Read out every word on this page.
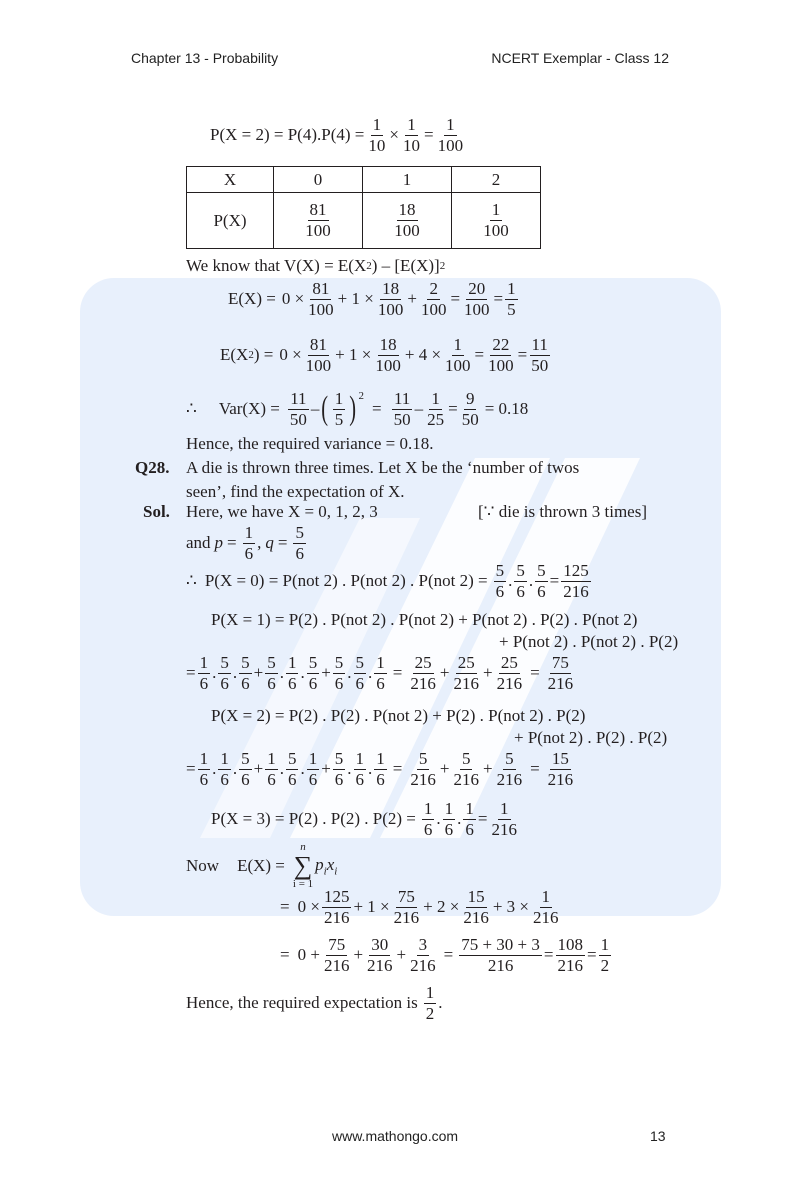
Chapter 13 - Probability	NCERT Exemplar - Class 12
$P(X = 2) = P(4).P(4) = \frac{1}{10} \times \frac{1}{10} = \frac{1}{100}$
X	0	1	2
P(X)	$\frac{81}{100}$	$\frac{18}{100}$	$\frac{1}{100}$
We know that V(X) = E(X 2 ) – [E(X)] 2
$E(X) = 0 \times \frac{81}{100} + 1 \times \frac{18}{100} + \frac{2}{100} = \frac{20}{100} = \frac{1}{5}$
E(X 2 ) = $0 \times \frac{81}{100} + 1 \times \frac{18}{100} + 4 \times \frac{1}{100} = \frac{22}{100} = \frac{11}{50}$
∴ $Var(X) = \frac{11}{50}$ – ( $\frac{1}{5} )^2$
= $\frac{11}{50} - \frac{1}{25} = \frac{9}{50} = 0.18$
Hence, the required variance = 0.18.
Q28. A die is thrown three times. Let X be the ‘number of twos
seen’, find the expectation of X.
Sol. Here, we have X = 0, 1, 2, 3	[∵ die is thrown 3 times]
and $p = \frac{1}{6}$ , $q = \frac{5}{6}$
∴ P(X = 0) = P(not 2) . P(not 2) . P(not $2) = \frac{5}{6}$ . $\frac{5}{6}$ . $\frac{5}{6} = \frac{125}{216}$
P(X = 1) = P(2) . P(not 2) . P(not 2) + P(not 2) . P(2) . P(not 2)
+ P(not 2) . P(not 2) . P(2)
= $\frac{1}{6}$ . $\frac{5}{6}$ . $\frac{5}{6} + \frac{5}{6}$ . $\frac{1}{6}$ . $\frac{5}{6} + \frac{5}{6}$ . $\frac{5}{6}$ . $\frac{1}{6} = \frac{25}{216} + \frac{25}{216} + \frac{25}{216} = \frac{75}{216}$
P(X = 2) = P(2) . P(2) . P(not 2) + P(2) . P(not 2) . P(2)
+ P(not 2) . P(2) . P(2)
= $\frac{1}{6}$ . $\frac{1}{6}$ . $\frac{5}{6} + \frac{1}{6}$ . $\frac{5}{6}$ . $\frac{1}{6} + \frac{5}{6}$ . $\frac{1}{6}$ . $\frac{1}{6} = \frac{5}{216} + \frac{5}{216} + \frac{5}{216} = \frac{15}{216}$
P(X = 3) = P(2) . P(2) . $P(2) = \frac{1}{6}$ . $\frac{1}{6}$ . $\frac{1}{6} = \frac{1}{216}$
Now E(X) =
n
∑
i = 1
$p_ix_i$
= $0 \times \frac{125}{216} + 1 \times \frac{75}{216} + 2 \times \frac{15}{216} + 3 \times \frac{1}{216}$
= $0 + \frac{75}{216} + \frac{30}{216} + \frac{3}{216} = \frac{75 + 30 + 3}{216} = \frac{108}{216} = \frac{1}{2}$
Hence, the required expectation is $\frac{1}{2}$ .
www.mathongo.com	13
